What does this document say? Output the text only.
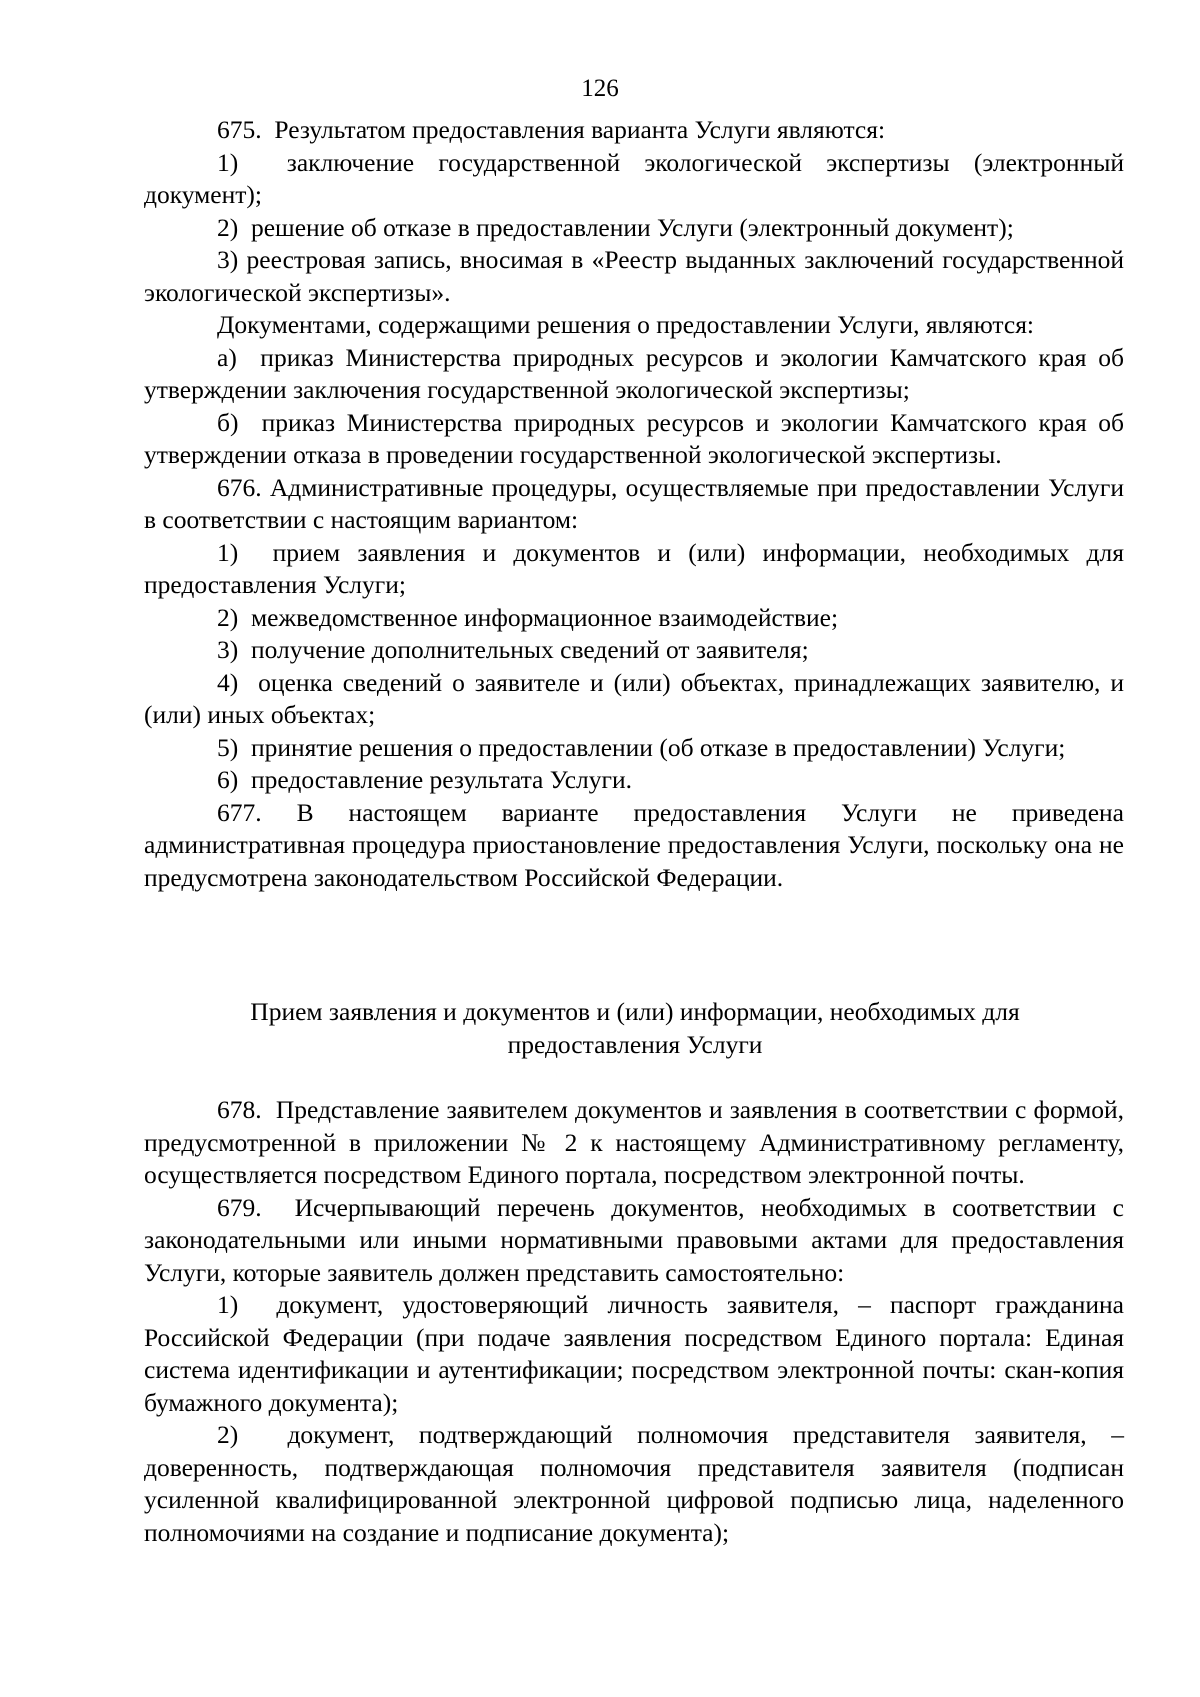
126

675.  Результатом предоставления варианта Услуги являются:

1)  заключение государственной экологической экспертизы (электронный документ);

2)  решение об отказе в предоставлении Услуги (электронный документ);

3) реестровая запись, вносимая в «Реестр выданных заключений государственной экологической экспертизы».

Документами, содержащими решения о предоставлении Услуги, являются:

а)  приказ Министерства природных ресурсов и экологии Камчатского края об утверждении заключения государственной экологической экспертизы;

б)  приказ Министерства природных ресурсов и экологии Камчатского края об утверждении отказа в проведении государственной экологической экспертизы.

676. Административные процедуры, осуществляемые при предоставлении Услуги в соответствии с настоящим вариантом:

1)  прием заявления и документов и (или) информации, необходимых для предоставления Услуги;

2)  межведомственное информационное взаимодействие;

3)  получение дополнительных сведений от заявителя;

4)  оценка сведений о заявителе и (или) объектах, принадлежащих заявителю, и (или) иных объектах;

5)  принятие решения о предоставлении (об отказе в предоставлении) Услуги;

6)  предоставление результата Услуги.

677. В настоящем варианте предоставления Услуги не приведена административная процедура приостановление предоставления Услуги, поскольку она не предусмотрена законодательством Российской Федерации.

Прием заявления и документов и (или) информации, необходимых для предоставления Услуги

678.  Представление заявителем документов и заявления в соответствии с формой, предусмотренной в приложении № 2 к настоящему Административному регламенту, осуществляется посредством Единого портала, посредством электронной почты.

679.  Исчерпывающий перечень документов, необходимых в соответствии с законодательными или иными нормативными правовыми актами для предоставления Услуги, которые заявитель должен представить самостоятельно:

1)  документ, удостоверяющий личность заявителя, – паспорт гражданина Российской Федерации (при подаче заявления посредством Единого портала: Единая система идентификации и аутентификации; посредством электронной почты: скан-копия бумажного документа);

2)  документ, подтверждающий полномочия представителя заявителя, – доверенность, подтверждающая полномочия представителя заявителя (подписан усиленной квалифицированной электронной цифровой подписью лица, наделенного полномочиями на создание и подписание документа);
